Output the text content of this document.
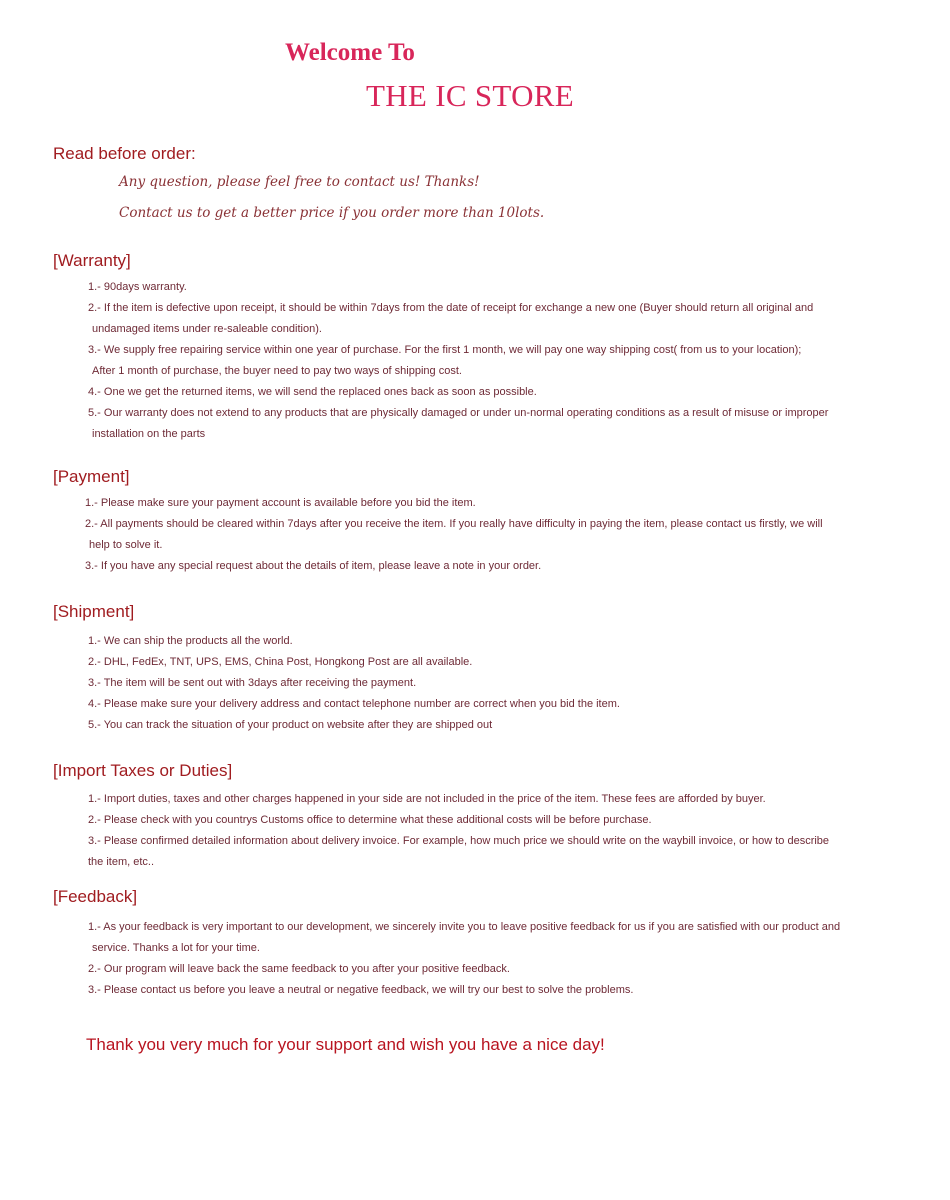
Welcome To
THE IC STORE
Read before order:
Any question, please feel free to contact us! Thanks!
Contact us to get a better price if you order more than 10lots.
[Warranty]
1.- 90days warranty.
2.- If the item is defective upon receipt, it should be within 7days from the date of receipt for exchange a new one (Buyer should return all original and
undamaged items under re-saleable condition).
3.- We supply free repairing service within one year of purchase. For the first 1 month, we will pay one way shipping cost( from us to your location);
After 1 month of purchase, the buyer need to pay two ways of shipping cost.
4.- One we get the returned items, we will send the replaced ones back as soon as possible.
5.- Our warranty does not extend to any products that are physically damaged or under un-normal operating conditions as a result of misuse or improper
installation on the parts
[Payment]
1.- Please make sure your payment account is available before you bid the item.
2.- All payments should be cleared within 7days after you receive the item. If you really have difficulty in paying the item, please contact us firstly, we will
help to solve it.
3.- If you have any special request about the details of item, please leave a note in your order.
[Shipment]
1.- We can ship the products all the world.
2.- DHL, FedEx, TNT, UPS, EMS, China Post, Hongkong Post are all available.
3.- The item will be sent out with 3days after receiving the payment.
4.- Please make sure your delivery address and contact telephone number are correct when you bid the item.
5.- You can track the situation of your product on website after they are shipped out
[Import Taxes or Duties]
1.- Import duties, taxes and other charges happened in your side are not included in the price of the item. These fees are afforded by buyer.
2.- Please check with you countrys Customs office to determine what these additional costs will be before purchase.
3.- Please confirmed detailed information about delivery invoice. For example, how much price we should write on the waybill invoice, or how to describe
the item, etc..
[Feedback]
1.- As your feedback is very important to our development, we sincerely invite you to leave positive feedback for us if you are satisfied with our product and
service. Thanks a lot for your time.
2.- Our program will leave back the same feedback to you after your positive feedback.
3.- Please contact us before you leave a neutral or negative feedback, we will try our best to solve the problems.
Thank you very much for your support and wish you have a nice day!
